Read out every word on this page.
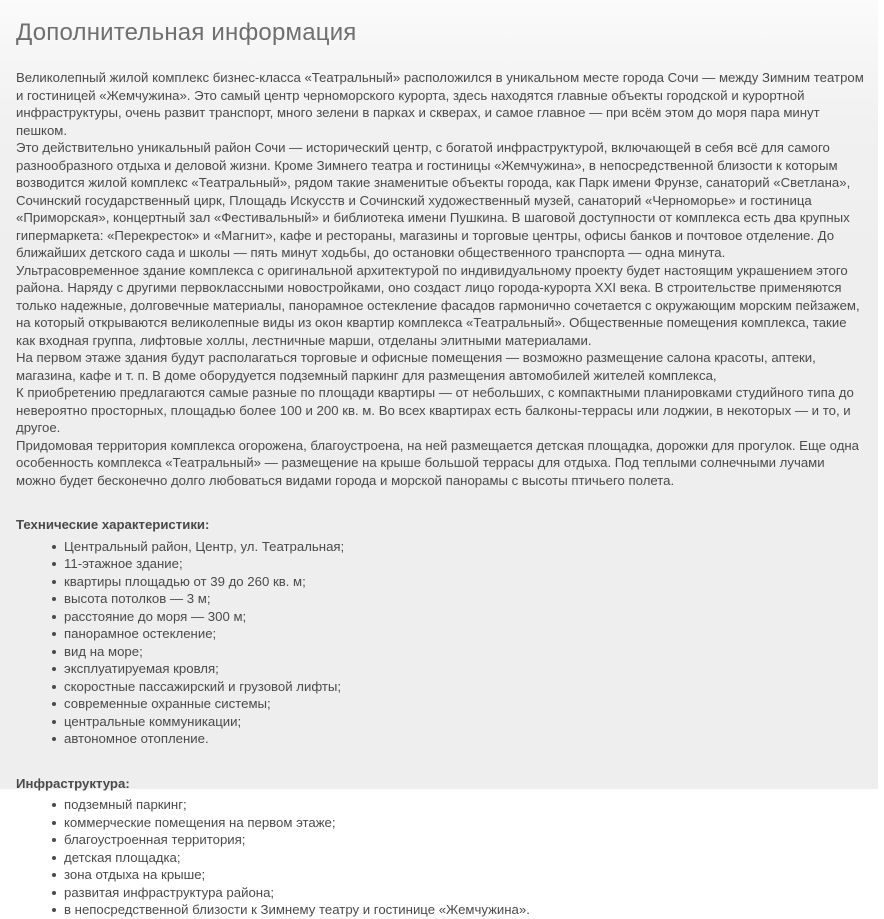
Дополнительная информация

Великолепный жилой комплекс бизнес-класса «Театральный» расположился в уникальном месте города Сочи — между Зимним театром и гостиницей «Жемчужина». Это самый центр черноморского курорта, здесь находятся главные объекты городской и курортной инфраструктуры, очень развит транспорт, много зелени в парках и скверах, и самое главное — при всём этом до моря пара минут пешком.

Это действительно уникальный район Сочи — исторический центр, с богатой инфраструктурой, включающей в себя всё для самого разнообразного отдыха и деловой жизни. Кроме Зимнего театра и гостиницы «Жемчужина», в непосредственной близости к которым возводится жилой комплекс «Театральный», рядом такие знаменитые объекты города, как Парк имени Фрунзе, санаторий «Светлана», Сочинский государственный цирк, Площадь Искусств и Сочинский художественный музей, санаторий «Черноморье» и гостиница «Приморская», концертный зал «Фестивальный» и библиотека имени Пушкина. В шаговой доступности от комплекса есть два крупных гипермаркета: «Перекресток» и «Магнит», кафе и рестораны, магазины и торговые центры, офисы банков и почтовое отделение. До ближайших детского сада и школы — пять минут ходьбы, до остановки общественного транспорта — одна минута.

Ультрасовременное здание комплекса с оригинальной архитектурой по индивидуальному проекту будет настоящим украшением этого района. Наряду с другими первоклассными новостройками, оно создаст лицо города-курорта XXI века. В строительстве применяются только надежные, долговечные материалы, панорамное остекление фасадов гармонично сочетается с окружающим морским пейзажем, на который открываются великолепные виды из окон квартир комплекса «Театральный». Общественные помещения комплекса, такие как входная группа, лифтовые холлы, лестничные марши, отделаны элитными материалами.

На первом этаже здания будут располагаться торговые и офисные помещения — возможно размещение салона красоты, аптеки, магазина, кафе и т. п. В доме оборудуется подземный паркинг для размещения автомобилей жителей комплекса,

К приобретению предлагаются самые разные по площади квартиры — от небольших, с компактными планировками студийного типа до невероятно просторных, площадью более 100 и 200 кв. м. Во всех квартирах есть балконы-террасы или лоджии, в некоторых — и то, и другое.

Придомовая территория комплекса огорожена, благоустроена, на ней размещается детская площадка, дорожки для прогулок. Еще одна особенность комплекса «Театральный» — размещение на крыше большой террасы для отдыха. Под теплыми солнечными лучами можно будет бесконечно долго любоваться видами города и морской панорамы с высоты птичьего полета.

Технические характеристики:

Центральный район, Центр, ул. Театральная;
11-этажное здание;
квартиры площадью от 39 до 260 кв. м;
высота потолков — 3 м;
расстояние до моря — 300 м;
панорамное остекление;
вид на море;
эксплуатируемая кровля;
скоростные пассажирский и грузовой лифты;
современные охранные системы;
центральные коммуникации;
автономное отопление.

Инфраструктура:

подземный паркинг;
коммерческие помещения на первом этаже;
благоустроенная территория;
детская площадка;
зона отдыха на крыше;
развитая инфраструктура района;
в непосредственной близости к Зимнему театру и гостинице «Жемчужина».
